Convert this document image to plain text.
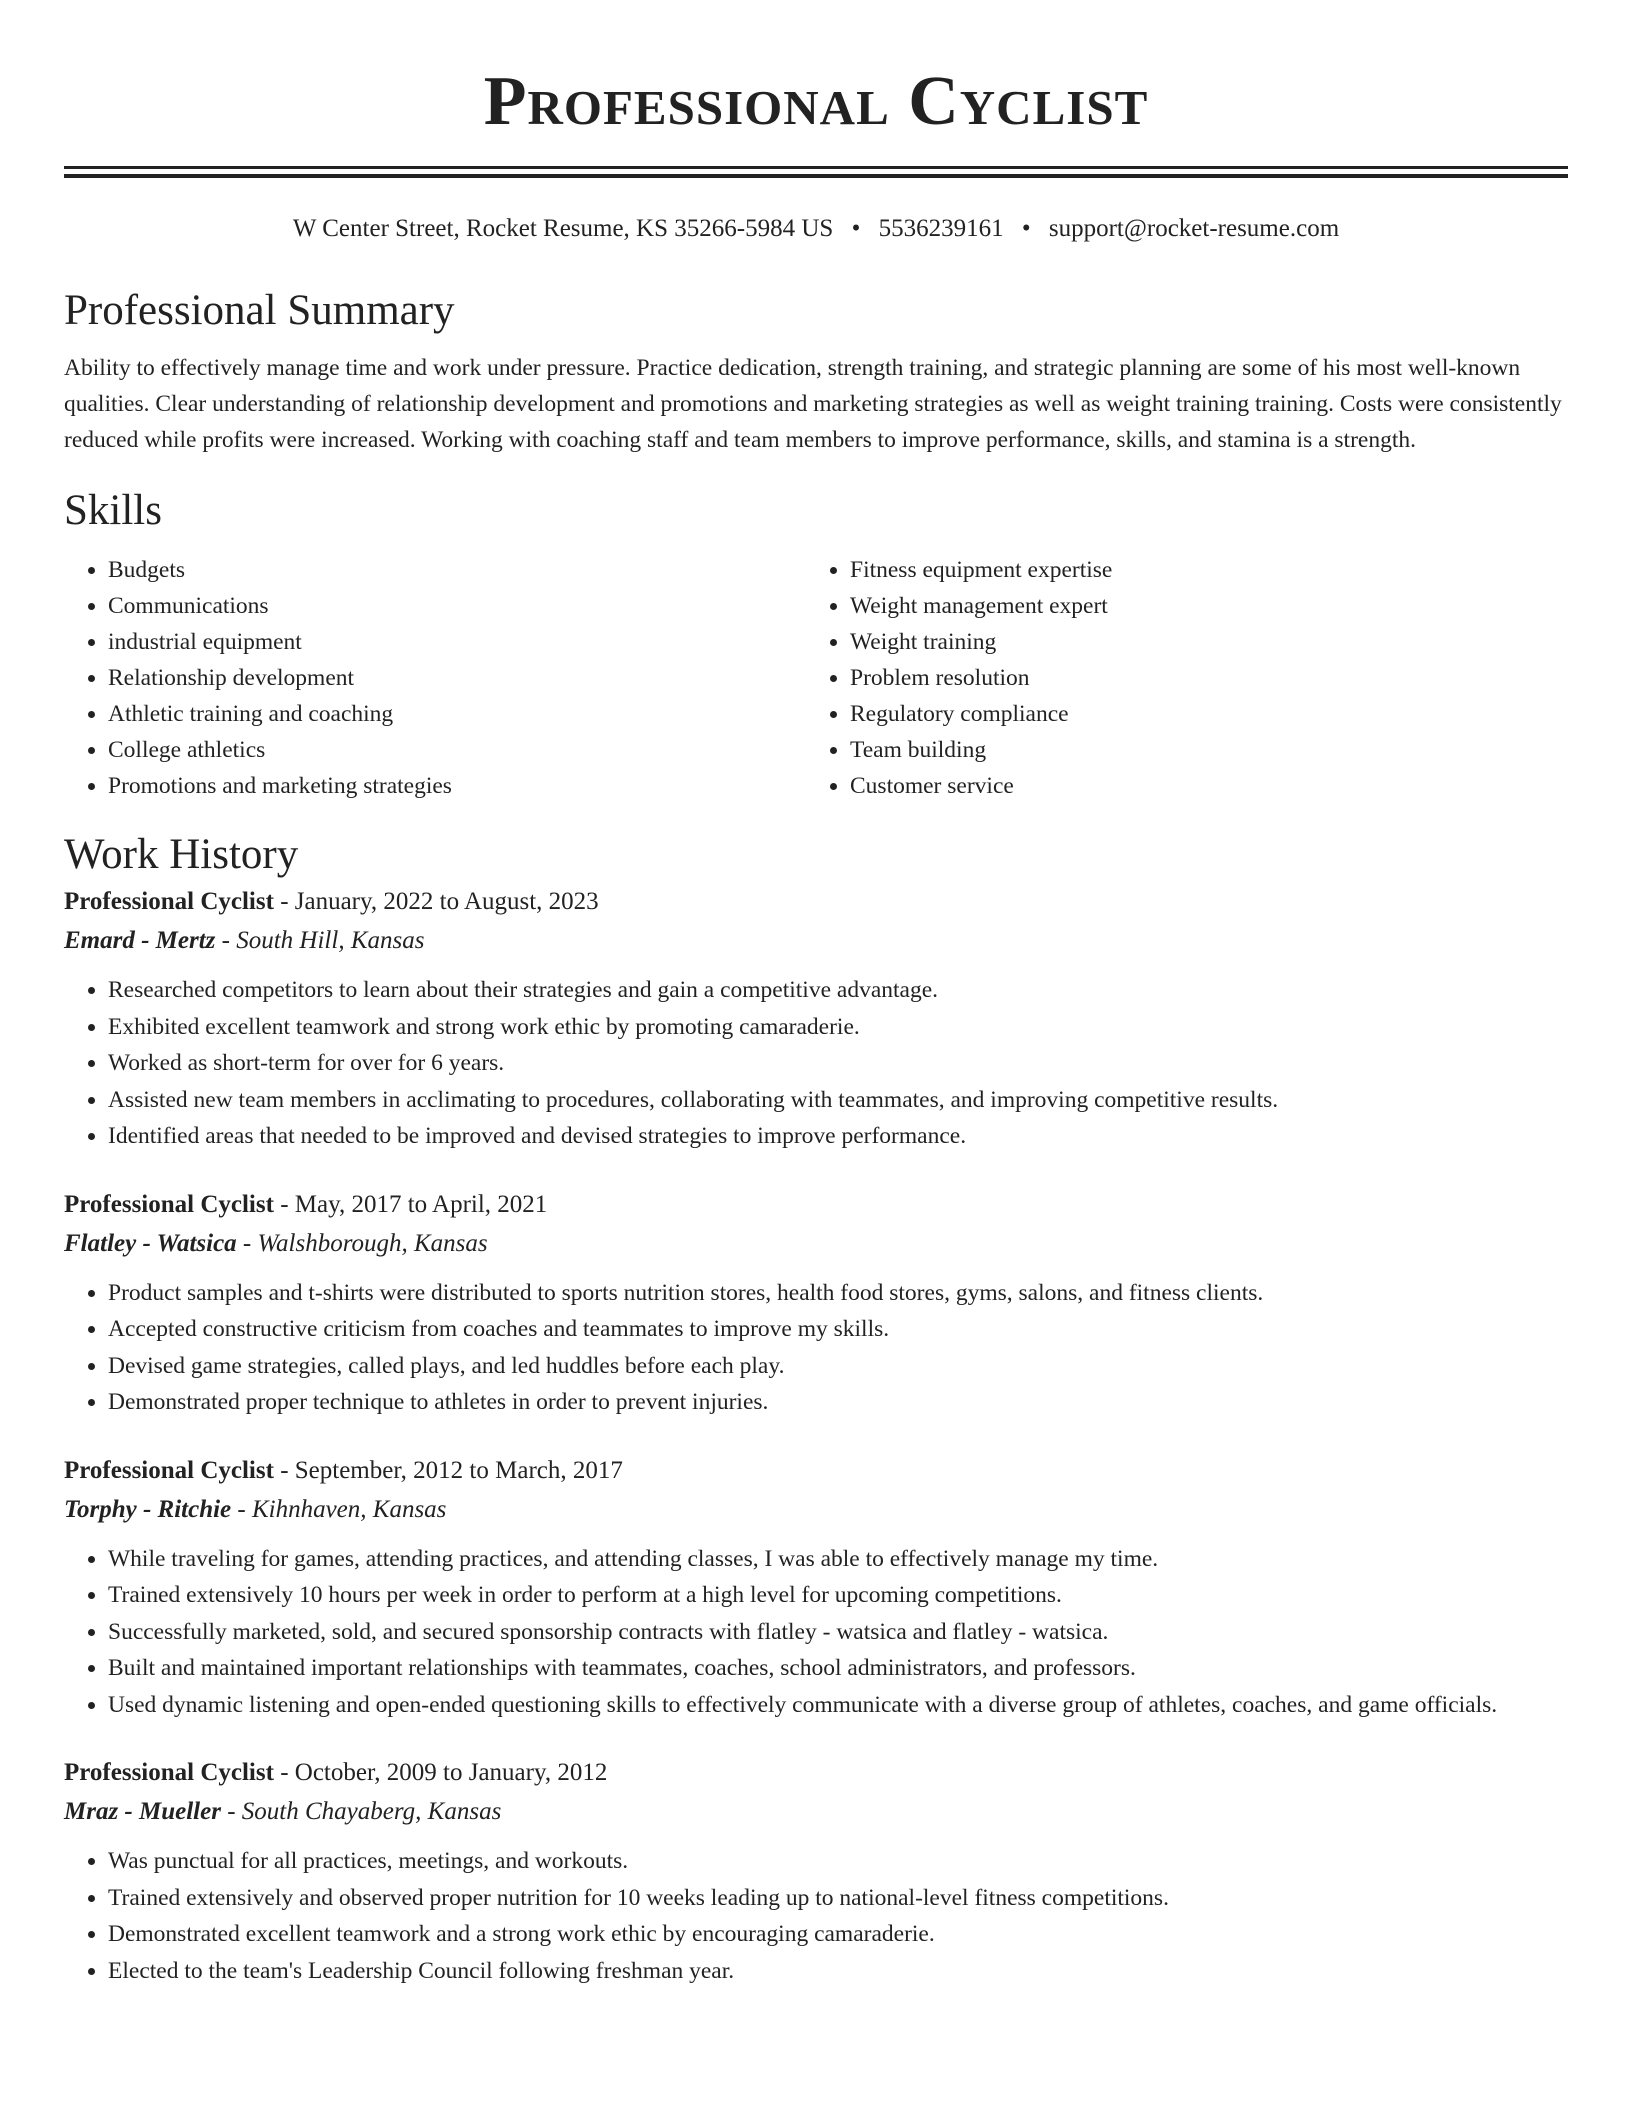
Professional Cyclist
W Center Street, Rocket Resume, KS 35266-5984 US • 5536239161 • support@rocket-resume.com
Professional Summary
Ability to effectively manage time and work under pressure. Practice dedication, strength training, and strategic planning are some of his most well-known qualities. Clear understanding of relationship development and promotions and marketing strategies as well as weight training training. Costs were consistently reduced while profits were increased. Working with coaching staff and team members to improve performance, skills, and stamina is a strength.
Skills
• Budgets
• Communications
• industrial equipment
• Relationship development
• Athletic training and coaching
• College athletics
• Promotions and marketing strategies
• Fitness equipment expertise
• Weight management expert
• Weight training
• Problem resolution
• Regulatory compliance
• Team building
• Customer service
Work History
Professional Cyclist - January, 2022 to August, 2023
Emard - Mertz - South Hill, Kansas
• Researched competitors to learn about their strategies and gain a competitive advantage.
• Exhibited excellent teamwork and strong work ethic by promoting camaraderie.
• Worked as short-term for over for 6 years.
• Assisted new team members in acclimating to procedures, collaborating with teammates, and improving competitive results.
• Identified areas that needed to be improved and devised strategies to improve performance.
Professional Cyclist - May, 2017 to April, 2021
Flatley - Watsica - Walshborough, Kansas
• Product samples and t-shirts were distributed to sports nutrition stores, health food stores, gyms, salons, and fitness clients.
• Accepted constructive criticism from coaches and teammates to improve my skills.
• Devised game strategies, called plays, and led huddles before each play.
• Demonstrated proper technique to athletes in order to prevent injuries.
Professional Cyclist - September, 2012 to March, 2017
Torphy - Ritchie - Kihnhaven, Kansas
• While traveling for games, attending practices, and attending classes, I was able to effectively manage my time.
• Trained extensively 10 hours per week in order to perform at a high level for upcoming competitions.
• Successfully marketed, sold, and secured sponsorship contracts with flatley - watsica and flatley - watsica.
• Built and maintained important relationships with teammates, coaches, school administrators, and professors.
• Used dynamic listening and open-ended questioning skills to effectively communicate with a diverse group of athletes, coaches, and game officials.
Professional Cyclist - October, 2009 to January, 2012
Mraz - Mueller - South Chayaberg, Kansas
• Was punctual for all practices, meetings, and workouts.
• Trained extensively and observed proper nutrition for 10 weeks leading up to national-level fitness competitions.
• Demonstrated excellent teamwork and a strong work ethic by encouraging camaraderie.
• Elected to the team's Leadership Council following freshman year.
